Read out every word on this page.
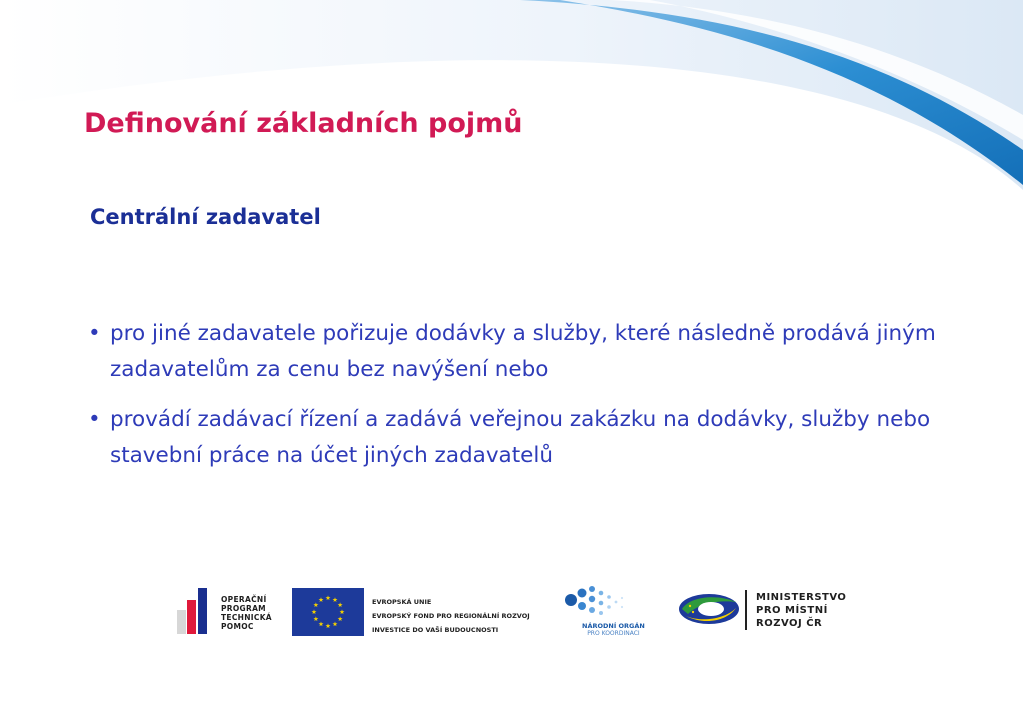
Definování základních pojmů
Centrální zadavatel
• pro jiné zadavatele pořizuje dodávky a služby, které následně prodává jiným zadavatelům za cenu bez navýšení nebo
• provádí zadávací řízení a zadává veřejnou zakázku na dodávky, služby nebo stavební práce na účet jiných zadavatelů
OPERAČNÍ
PROGRAM
TECHNICKÁ
POMOC
EVROPSKÁ UNIE
EVROPSKÝ FOND PRO REGIONÁLNÍ ROZVOJ
INVESTICE DO VAŠÍ BUDOUCNOSTI	NÁRODNÍ ORGÁN
PRO KOORDINACI
MINISTERSTVO
PRO MÍSTNÍ
ROZVOJ ČR
